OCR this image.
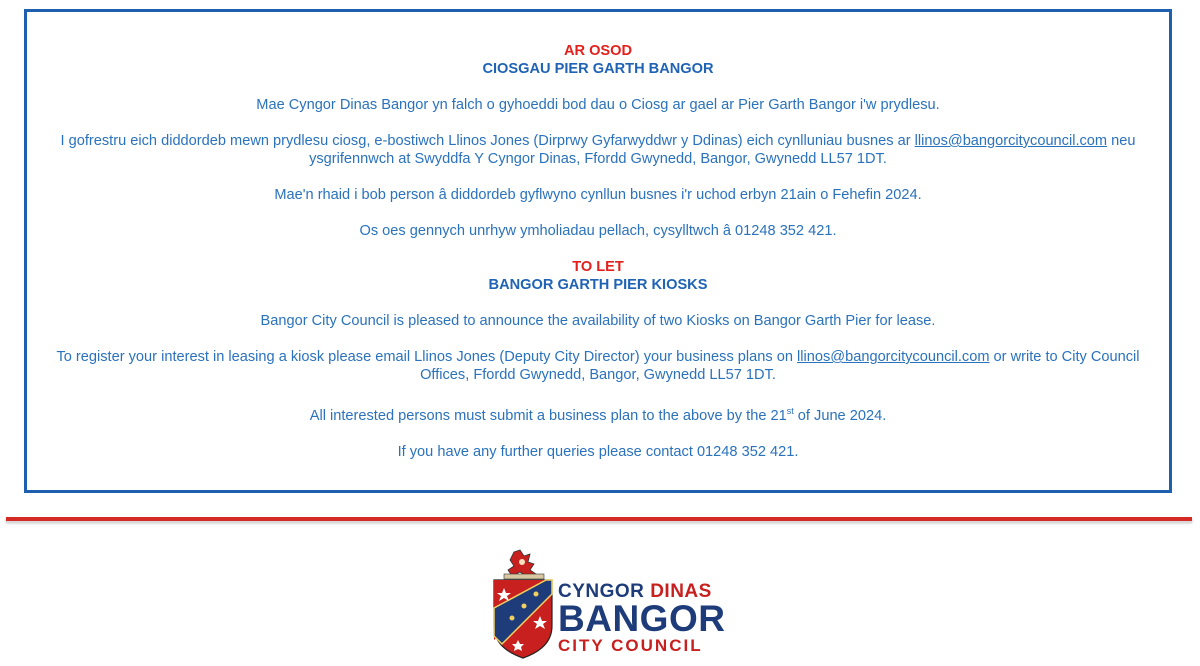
AR OSOD

CIOSGAU PIER GARTH BANGOR

Mae Cyngor Dinas Bangor yn falch o gyhoeddi bod dau o Ciosg ar gael ar Pier Garth Bangor i'w prydlesu.

I gofrestru eich diddordeb mewn prydlesu ciosg, e-bostiwch Llinos Jones (Dirprwy Gyfarwyddwr y Ddinas) eich cynlluniau busnes ar llinos@bangorcitycouncil.com neu
ysgrifennwch at Swyddfa Y Cyngor Dinas, Ffordd Gwynedd, Bangor, Gwynedd LL57 1DT.

Mae'n rhaid i bob person â diddordeb gyflwyno cynllun busnes i'r uchod erbyn 21ain o Fehefin 2024.

Os oes gennych unrhyw ymholiadau pellach, cysylltwch â 01248 352 421.

TO LET

BANGOR GARTH PIER KIOSKS

Bangor City Council is pleased to announce the availability of two Kiosks on Bangor Garth Pier for lease.

To register your interest in leasing a kiosk please email Llinos Jones (Deputy City Director) your business plans on llinos@bangorcitycouncil.com or write to City Council
Offices, Ffordd Gwynedd, Bangor, Gwynedd LL57 1DT.

All interested persons must submit a business plan to the above by the 21st of June 2024.

If you have any further queries please contact 01248 352 421.

CYNGOR DINAS
BANGOR
CITY COUNCIL
